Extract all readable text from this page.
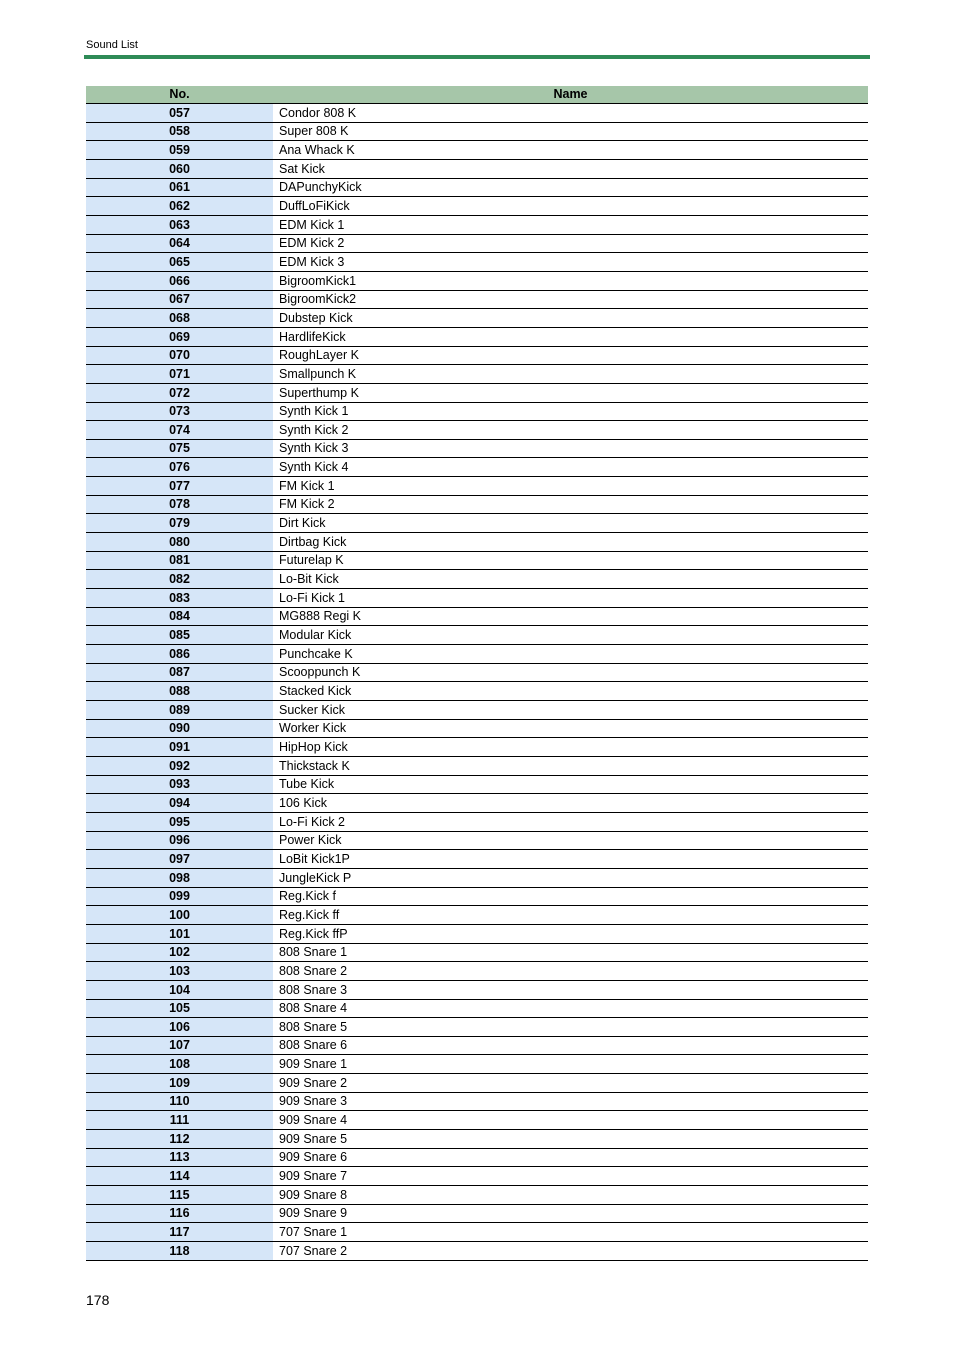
Sound List
No.	Name
057	Condor 808 K
058	Super 808 K
059	Ana Whack K
060	Sat Kick
061	DAPunchyKick
062	DuffLoFiKick
063	EDM Kick 1
064	EDM Kick 2
065	EDM Kick 3
066	BigroomKick1
067	BigroomKick2
068	Dubstep Kick
069	HardlifeKick
070	RoughLayer K
071	Smallpunch K
072	Superthump K
073	Synth Kick 1
074	Synth Kick 2
075	Synth Kick 3
076	Synth Kick 4
077	FM Kick 1
078	FM Kick 2
079	Dirt Kick
080	Dirtbag Kick
081	Futurelap K
082	Lo-Bit Kick
083	Lo-Fi Kick 1
084	MG888 Regi K
085	Modular Kick
086	Punchcake K
087	Scooppunch K
088	Stacked Kick
089	Sucker Kick
090	Worker Kick
091	HipHop Kick
092	Thickstack K
093	Tube Kick
094	106 Kick
095	Lo-Fi Kick 2
096	Power Kick
097	LoBit Kick1P
098	JungleKick P
099	Reg.Kick f
100	Reg.Kick ff
101	Reg.Kick ffP
102	808 Snare 1
103	808 Snare 2
104	808 Snare 3
105	808 Snare 4
106	808 Snare 5
107	808 Snare 6
108	909 Snare 1
109	909 Snare 2
110	909 Snare 3
111	909 Snare 4
112	909 Snare 5
113	909 Snare 6
114	909 Snare 7
115	909 Snare 8
116	909 Snare 9
117	707 Snare 1
118	707 Snare 2
178
